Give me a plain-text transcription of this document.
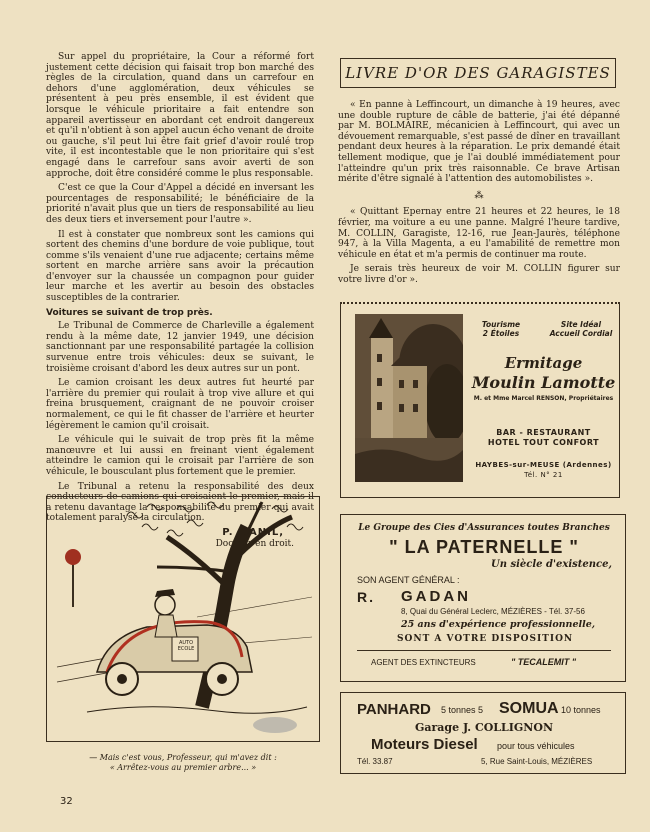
Sur appel du propriétaire, la Cour a réformé fort justement cette décision qui faisait trop bon marché des règles de la circulation, quand dans un carrefour en dehors d'une agglomération, deux véhicules se présentent à peu près ensemble, il est évident que lorsque le véhicule prioritaire a fait entendre son appareil avertisseur en abordant cet endroit dangereux et qu'il n'obtient à son appel aucun écho venant de droite ou gauche, s'il peut lui être fait grief d'avoir roulé trop vite, il est incontestable que le non prioritaire qui s'est engagé dans le carrefour sans avoir averti de son approche, doit être considéré comme le plus responsable.

C'est ce que la Cour d'Appel a décidé en inversant les pourcentages de responsabilité; le bénéficiaire de la priorité n'avait plus que un tiers de responsabilité au lieu des deux tiers et inversement pour l'autre ».

Il est à constater que nombreux sont les camions qui sortent des chemins d'une bordure de voie publique, tout comme s'ils venaient d'une rue adjacente; certains même sortent en marche arrière sans avoir la précaution d'envoyer sur la chaussée un compagnon pour guider leur marche et les avertir au besoin des obstacles susceptibles de la contrarier.

Voitures se suivant de trop près.

Le Tribunal de Commerce de Charleville a également rendu à la même date, 12 janvier 1949, une décision sanctionnant par une responsabilité partagée la collision survenue entre trois véhicules: deux se suivant, le troisième croisant d'abord les deux autres sur un pont.

Le camion croisant les deux autres fut heurté par l'arrière du premier qui roulait à trop vive allure et qui freina brusquement, craignant de ne pouvoir croiser normalement, ce qui le fit chasser de l'arrière et heurter légèrement le camion qu'il croisait.

Le véhicule qui le suivait de trop près fit la même manœuvre et lui aussi en freinant vient également atteindre le camion qui le croisait par l'arrière de son véhicule, le bousculant plus fortement que le premier.

Le Tribunal a retenu la responsabilité des deux conducteurs de camions qui croisaient le premier, mais il a retenu davantage la responsabilité du premier qui avait totalement paralysé la circulation.

P. MANIL,
Docteur en droit.
LIVRE D'OR DES GARAGISTES

« En panne à Leffincourt, un dimanche à 19 heures, avec une double rupture de câble de batterie, j'ai été dépanné par M. BOLMAIRE, mécanicien à Leffincourt, qui avec un dévouement remarquable, s'est passé de dîner en travaillant pendant deux heures à la réparation. Le prix demandé était tellement modique, que je l'ai doublé immédiatement pour l'atteindre qu'un prix très raisonnable. Ce brave Artisan mérite d'être signalé à l'attention des automobilistes ».

⁂

« Quittant Epernay entre 21 heures et 22 heures, le 18 février, ma voiture a eu une panne. Malgré l'heure tardive, M. COLLIN, Garagiste, 12-16, rue Jean-Jaurès, téléphone 947, à la Villa Magenta, a eu l'amabilité de remettre mon véhicule en état et m'a permis de continuer ma route.

Je serais très heureux de voir M. COLLIN figurer sur votre livre d'or ».

Tourisme
2 Étoiles
Site Idéal
Accueil Cordial
Ermitage
Moulin Lamotte
M. et Mme Marcel RENSON, Propriétaires
BAR - RESTAURANT
HOTEL TOUT CONFORT
HAYBES-sur-MEUSE (Ardennes)
Tél. N° 21
Le Groupe des Cies d'Assurances toutes Branches
" LA PATERNELLE "
Un siècle d'existence,
SON AGENT GÉNÉRAL :
R. GADAN
8, Quai du Général Leclerc, MÉZIÈRES - Tél. 37-56
25 ans d'expérience professionnelle,
SONT A VOTRE DISPOSITION
AGENT DES EXTINCTEURS	" TECALEMIT "
PANHARD 5 tonnes 5 SOMUA 10 tonnes
Garage J. COLLIGNON
Moteurs Diesel pour tous véhicules
Tél. 33.87	5, Rue Saint-Louis, MÉZIÈRES
AUTO ECOLE
— Mais c'est vous, Professeur, qui m'avez dit :
« Arrêtez-vous au premier arbre... »
32
